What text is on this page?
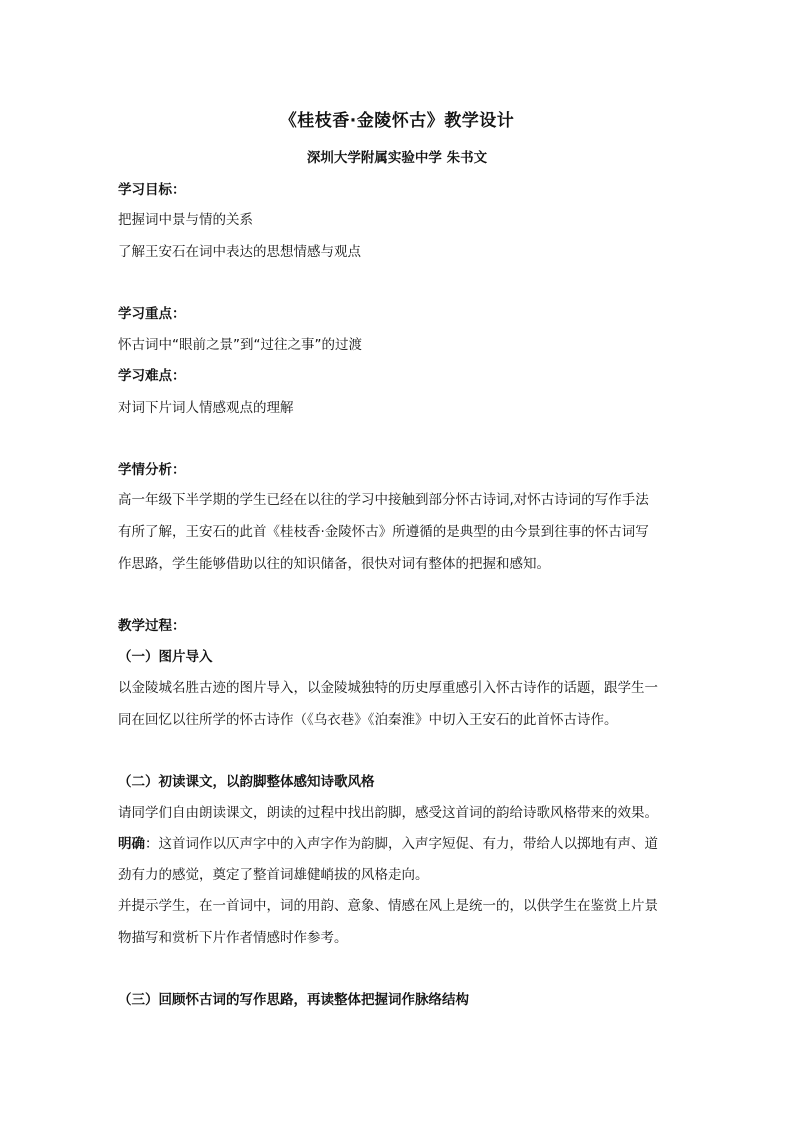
《桂枝香·金陵怀古》教学设计
深圳大学附属实验中学 朱书文
学习目标：
把握词中景与情的关系
了解王安石在词中表达的思想情感与观点
学习重点：
怀古词中“眼前之景”到“过往之事”的过渡
学习难点：
对词下片词人情感观点的理解
学情分析：
高一年级下半学期的学生已经在以往的学习中接触到部分怀古诗词,对怀古诗词的写作手法
有所了解，王安石的此首《桂枝香·金陵怀古》所遵循的是典型的由今景到往事的怀古词写
作思路，学生能够借助以往的知识储备，很快对词有整体的把握和感知。
教学过程：
（一）图片导入
以金陵城名胜古迹的图片导入，以金陵城独特的历史厚重感引入怀古诗作的话题，跟学生一
同在回忆以往所学的怀古诗作（《乌衣巷》《泊秦淮》中切入王安石的此首怀古诗作。
（二）初读课文，以韵脚整体感知诗歌风格
请同学们自由朗读课文，朗读的过程中找出韵脚，感受这首词的韵给诗歌风格带来的效果。
明确：这首词作以仄声字中的入声字作为韵脚，入声字短促、有力，带给人以掷地有声、道
劲有力的感觉，奠定了整首词雄健峭拔的风格走向。
并提示学生，在一首词中，词的用韵、意象、情感在风上是统一的，以供学生在鉴赏上片景
物描写和赏析下片作者情感时作参考。
（三）回顾怀古词的写作思路，再读整体把握词作脉络结构
